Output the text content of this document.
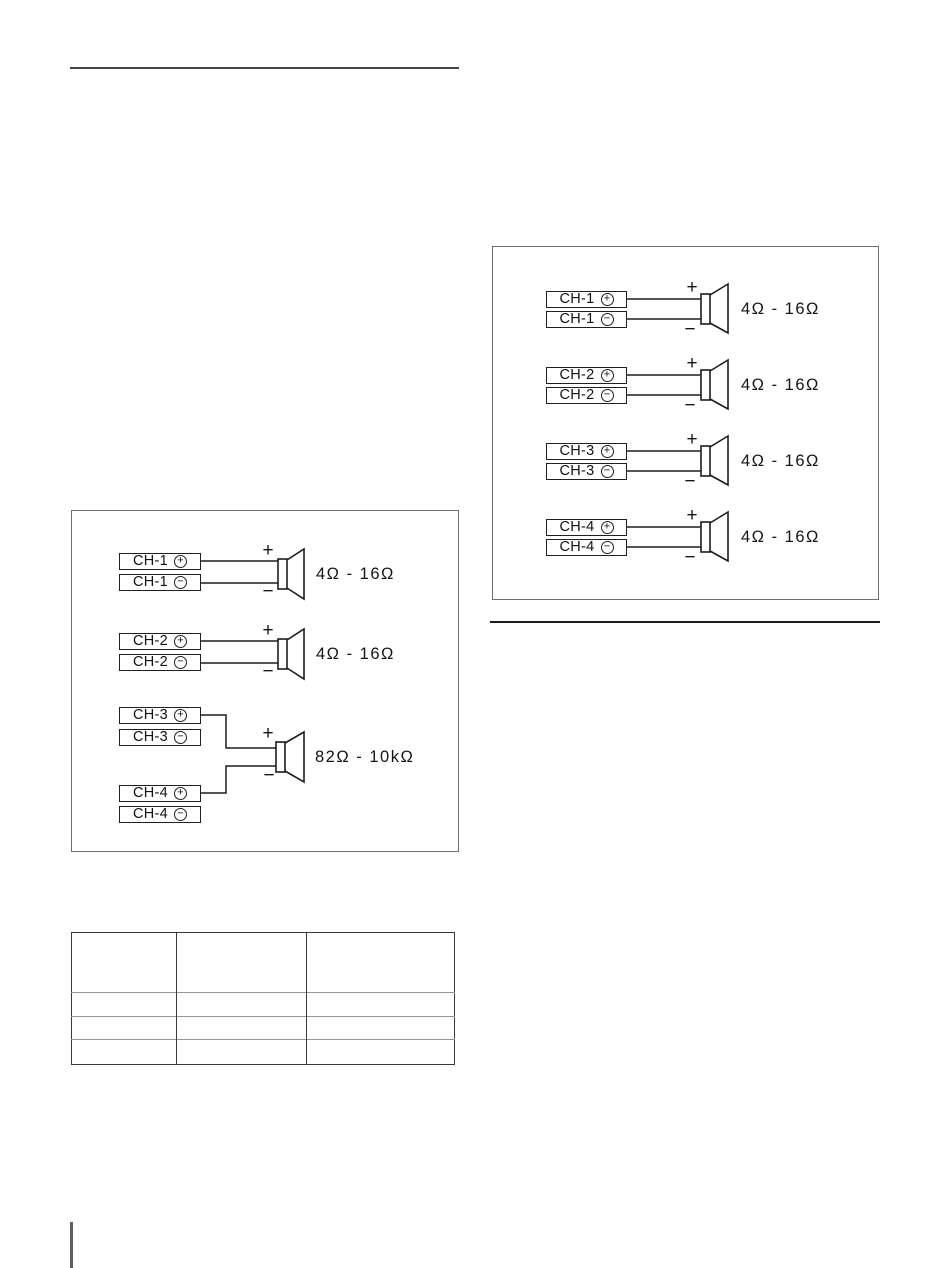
CH-1 +
CH-1 −
+
−
4Ω - 16Ω
CH-2 +
CH-2 −
+
−
4Ω - 16Ω
CH-3 +
CH-3 −
+
−
4Ω - 16Ω
CH-4 +
CH-4 −
+
−
4Ω - 16Ω
CH-1 +
CH-1 −
+
−
4Ω - 16Ω
CH-2 +
CH-2 −
+
−
4Ω - 16Ω
CH-3 +
CH-3 −
CH-4 +
CH-4 −
+
−
82Ω - 10kΩ
